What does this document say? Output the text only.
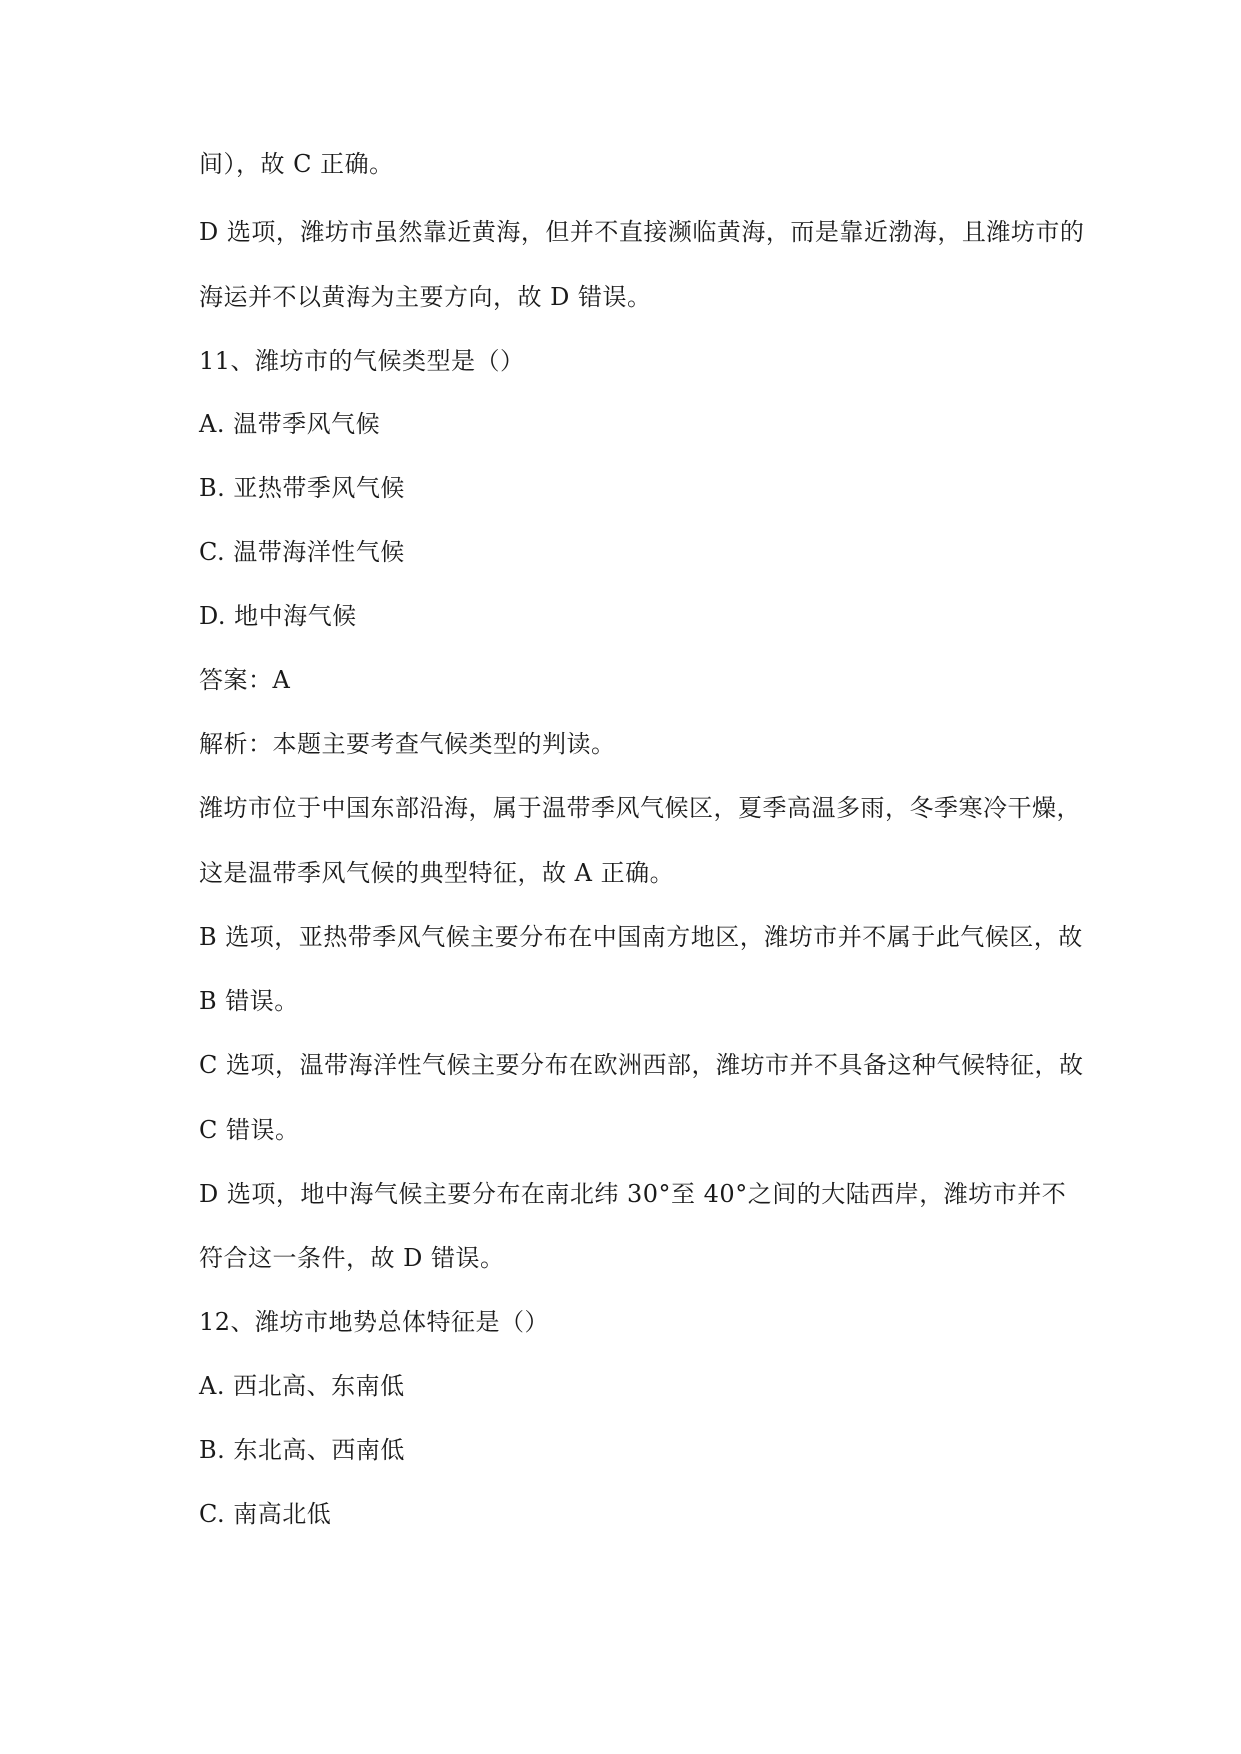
间），故 C 正确。
D 选项，潍坊市虽然靠近黄海，但并不直接濒临黄海，而是靠近渤海，且潍坊市的
海运并不以黄海为主要方向，故 D 错误。
11、潍坊市的气候类型是（）
A. 温带季风气候
B. 亚热带季风气候
C. 温带海洋性气候
D. 地中海气候
答案：A
解析：本题主要考查气候类型的判读。
潍坊市位于中国东部沿海，属于温带季风气候区，夏季高温多雨，冬季寒冷干燥，
这是温带季风气候的典型特征，故 A 正确。
B 选项，亚热带季风气候主要分布在中国南方地区，潍坊市并不属于此气候区，故
B 错误。
C 选项，温带海洋性气候主要分布在欧洲西部，潍坊市并不具备这种气候特征，故
C 错误。
D 选项，地中海气候主要分布在南北纬 30°至 40°之间的大陆西岸，潍坊市并不
符合这一条件，故 D 错误。
12、潍坊市地势总体特征是（）
A. 西北高、东南低
B. 东北高、西南低
C. 南高北低
